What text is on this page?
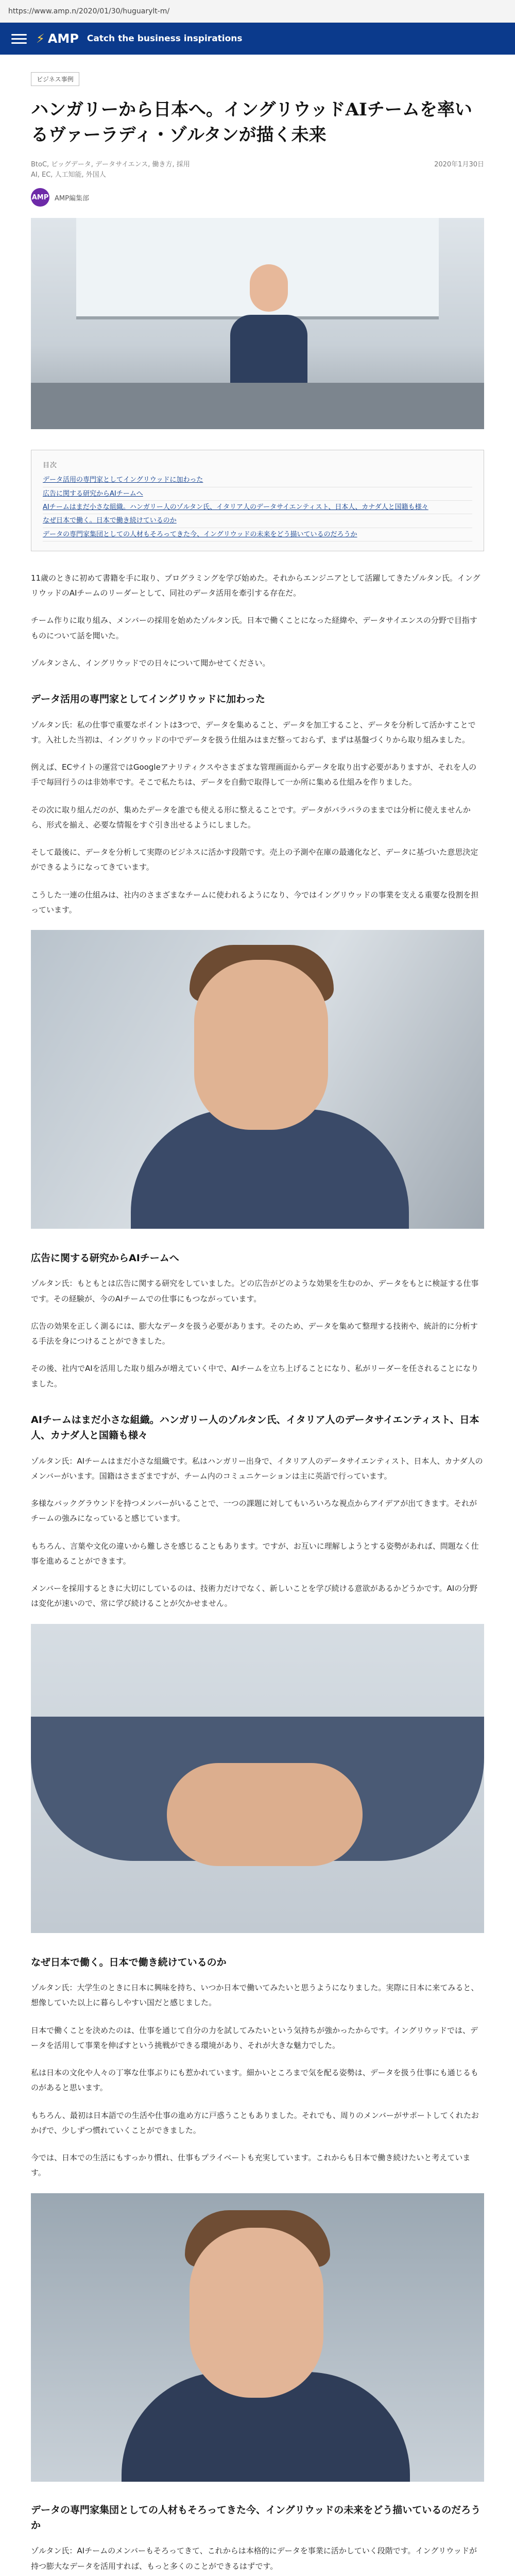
https://www.amp.n/2020/01/30/huguarylt-m/
⚡ AMP Catch the business inspirations
ビジネス事例
ハンガリーから日本へ。イングリウッドAIチームを率いるヴァーラディ・ゾルタンが描く未来
BtoC, ビッグデータ, データサイエンス, 働き方, 採用
AI, EC, 人工知能, 外国人
2020年1月30日
AMP AMP編集部
目次
データ活用の専門家としてイングリウッドに加わった
広告に関する研究からAIチームへ
AIチームはまだ小さな組織。ハンガリー人のゾルタン氏、イタリア人のデータサイエンティスト、日本人、カナダ人と国籍も様々
なぜ日本で働く。日本で働き続けているのか
データの専門家集団としての人材もそろってきた今、イングリウッドの未来をどう描いているのだろうか

11歳のときに初めて書籍を手に取り、プログラミングを学び始めた。それからエンジニアとして活躍してきたゾルタン氏。イングリウッドのAIチームのリーダーとして、同社のデータ活用を牽引する存在だ。

チーム作りに取り組み、メンバーの採用を始めたゾルタン氏。日本で働くことになった経緯や、データサイエンスの分野で目指すものについて話を聞いた。

ゾルタンさん、イングリウッドでの日々について聞かせてください。

データ活用の専門家としてイングリウッドに加わった

ゾルタン氏：私の仕事で重要なポイントは3つで、データを集めること、データを加工すること、データを分析して活かすことです。入社した当初は、イングリウッドの中でデータを扱う仕組みはまだ整っておらず、まずは基盤づくりから取り組みました。

例えば、ECサイトの運営ではGoogleアナリティクスやさまざまな管理画面からデータを取り出す必要がありますが、それを人の手で毎回行うのは非効率です。そこで私たちは、データを自動で取得して一か所に集める仕組みを作りました。

その次に取り組んだのが、集めたデータを誰でも使える形に整えることです。データがバラバラのままでは分析に使えませんから、形式を揃え、必要な情報をすぐ引き出せるようにしました。

そして最後に、データを分析して実際のビジネスに活かす段階です。売上の予測や在庫の最適化など、データに基づいた意思決定ができるようになってきています。

こうした一連の仕組みは、社内のさまざまなチームに使われるようになり、今ではイングリウッドの事業を支える重要な役割を担っています。

広告に関する研究からAIチームへ

ゾルタン氏：もともとは広告に関する研究をしていました。どの広告がどのような効果を生むのか、データをもとに検証する仕事です。その経験が、今のAIチームでの仕事にもつながっています。

広告の効果を正しく測るには、膨大なデータを扱う必要があります。そのため、データを集めて整理する技術や、統計的に分析する手法を身につけることができました。

その後、社内でAIを活用した取り組みが増えていく中で、AIチームを立ち上げることになり、私がリーダーを任されることになりました。

AIチームはまだ小さな組織。ハンガリー人のゾルタン氏、イタリア人のデータサイエンティスト、日本人、カナダ人と国籍も様々

ゾルタン氏：AIチームはまだ小さな組織です。私はハンガリー出身で、イタリア人のデータサイエンティスト、日本人、カナダ人のメンバーがいます。国籍はさまざまですが、チーム内のコミュニケーションは主に英語で行っています。

多様なバックグラウンドを持つメンバーがいることで、一つの課題に対してもいろいろな視点からアイデアが出てきます。それがチームの強みになっていると感じています。

もちろん、言葉や文化の違いから難しさを感じることもあります。ですが、お互いに理解しようとする姿勢があれば、問題なく仕事を進めることができます。

メンバーを採用するときに大切にしているのは、技術力だけでなく、新しいことを学び続ける意欲があるかどうかです。AIの分野は変化が速いので、常に学び続けることが欠かせません。

なぜ日本で働く。日本で働き続けているのか

ゾルタン氏：大学生のときに日本に興味を持ち、いつか日本で働いてみたいと思うようになりました。実際に日本に来てみると、想像していた以上に暮らしやすい国だと感じました。

日本で働くことを決めたのは、仕事を通じて自分の力を試してみたいという気持ちが強かったからです。イングリウッドでは、データを活用して事業を伸ばすという挑戦ができる環境があり、それが大きな魅力でした。

私は日本の文化や人々の丁寧な仕事ぶりにも惹かれています。細かいところまで気を配る姿勢は、データを扱う仕事にも通じるものがあると思います。

もちろん、最初は日本語での生活や仕事の進め方に戸惑うこともありました。それでも、周りのメンバーがサポートしてくれたおかげで、少しずつ慣れていくことができました。

今では、日本での生活にもすっかり慣れ、仕事もプライベートも充実しています。これからも日本で働き続けたいと考えています。

データの専門家集団としての人材もそろってきた今、イングリウッドの未来をどう描いているのだろうか

ゾルタン氏：AIチームのメンバーもそろってきて、これからは本格的にデータを事業に活かしていく段階です。イングリウッドが持つ膨大なデータを活用すれば、もっと多くのことができるはずです。
